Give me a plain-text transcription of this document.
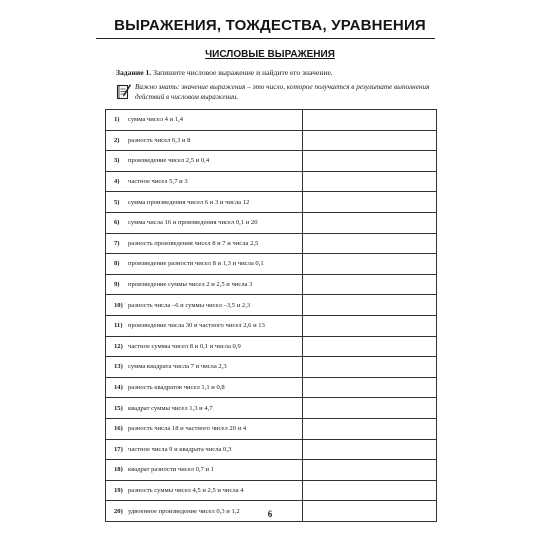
ВЫРАЖЕНИЯ, ТОЖДЕСТВА, УРАВНЕНИЯ
ЧИСЛОВЫЕ ВЫРАЖЕНИЯ
Задание 1. Запишите числовое выражение и найдите его значение.
Важно знать: значение выражения – это число, которое получается в результате выполнения действий в числовом выражении.
1) сумма чисел 4 и 1,4	
2) разность чисел 6,3 и 8	
3) произведение чисел 2,5 и 0,4	
4) частное чисел 5,7 и 3	
5) сумма произведения чисел 6 и 3 и числа 12	
6) сумма числа 16 и произведения чисел 0,1 и 20	
7) разность произведения чисел 8 и 7 и числа 2,5	
8) произведение разности чисел 8 и 1,3 и числа 0,1	
9) произведение суммы чисел 2 и 2,5 и числа 3	
10) разность числа –6 и суммы чисел –3,5 и 2,3	
11) произведение числа 30 и частного чисел 2,6 и 13	
12) частное суммы чисел 8 и 0,1 и числа 0,9	
13) сумма квадрата числа 7 и числа 2,3	
14) разность квадратов чисел 1,1 и 0,8	
15) квадрат суммы чисел 1,3 и 4,7	
16) разность числа 18 и частного чисел 20 и 4	
17) частное числа 9 и квадрата числа 0,3	
18) квадрат разности чисел 0,7 и 1	
19) разность суммы чисел 4,5 и 2,5 и числа 4	
20) удвоенное произведение чисел 0,3 и 1,2		6
